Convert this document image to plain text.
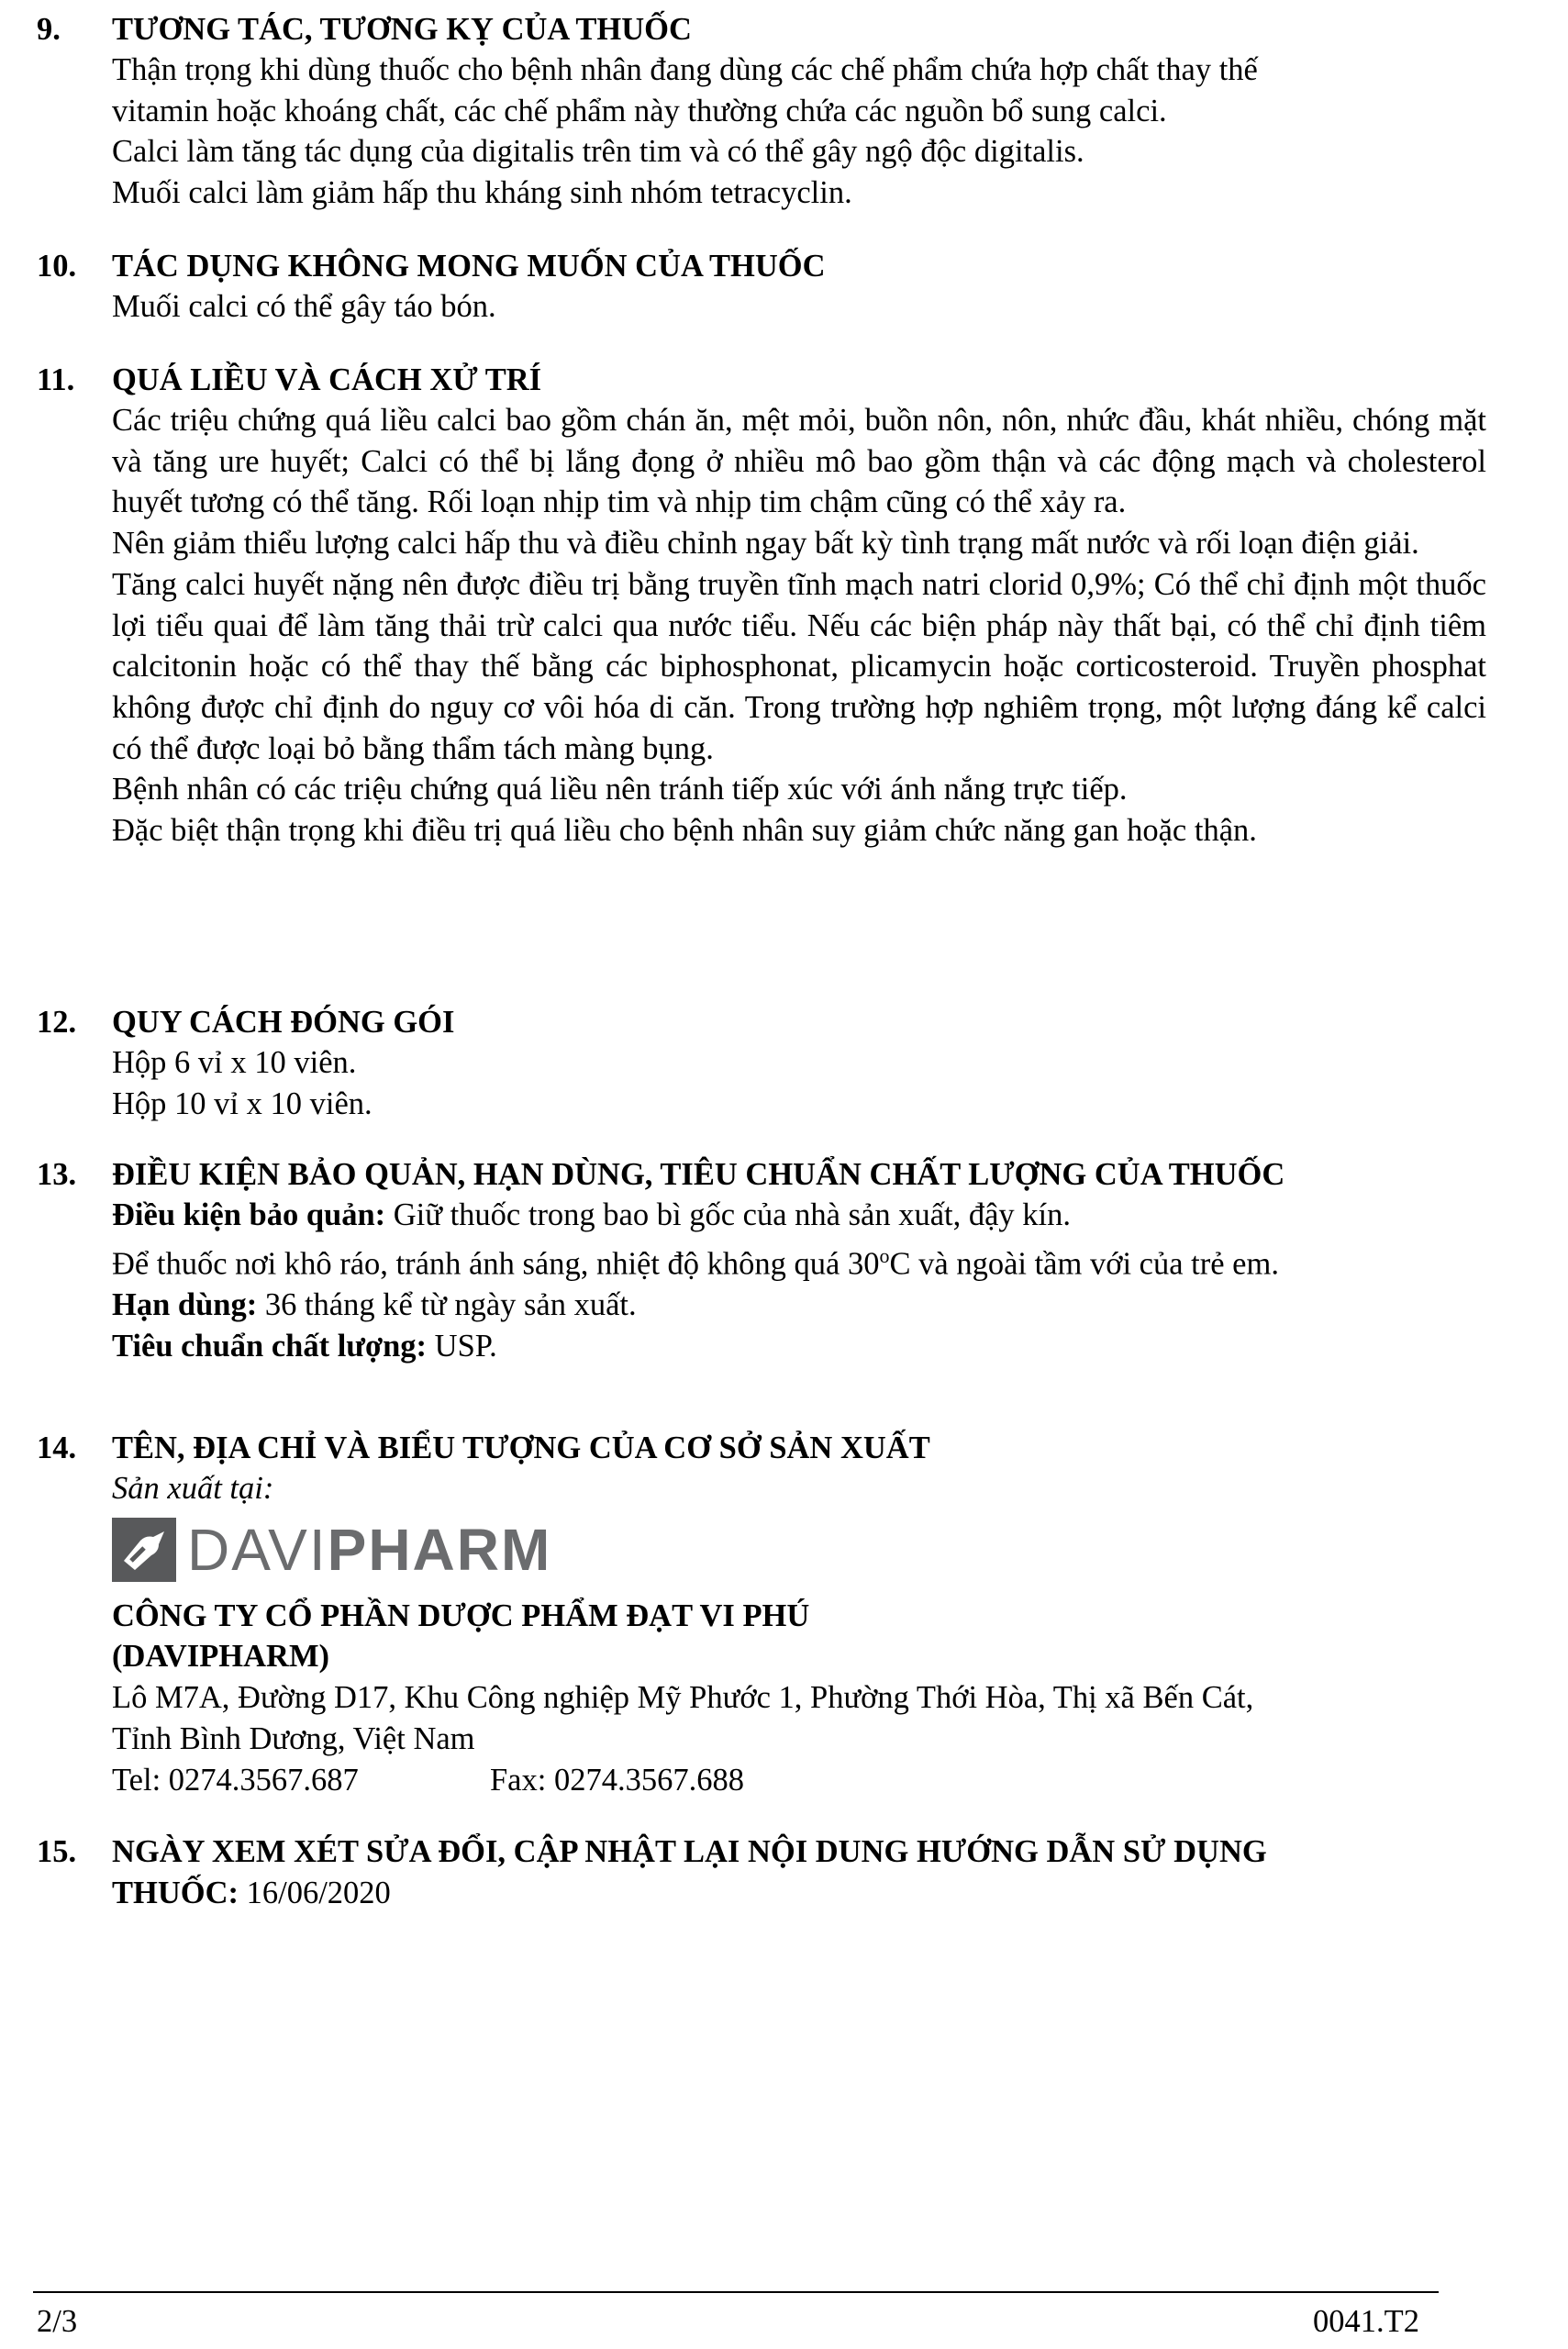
9. TƯƠNG TÁC, TƯƠNG KỴ CỦA THUỐC
Thận trọng khi dùng thuốc cho bệnh nhân đang dùng các chế phẩm chứa hợp chất thay thế
vitamin hoặc khoáng chất, các chế phẩm này thường chứa các nguồn bổ sung calci.
Calci làm tăng tác dụng của digitalis trên tim và có thể gây ngộ độc digitalis.
Muối calci làm giảm hấp thu kháng sinh nhóm tetracyclin.
10. TÁC DỤNG KHÔNG MONG MUỐN CỦA THUỐC
Muối calci có thể gây táo bón.
11. QUÁ LIỀU VÀ CÁCH XỬ TRÍ
Các triệu chứng quá liều calci bao gồm chán ăn, mệt mỏi, buồn nôn, nôn, nhức đầu, khát nhiều, chóng mặt và tăng ure huyết; Calci có thể bị lắng đọng ở nhiều mô bao gồm thận và các động mạch và cholesterol huyết tương có thể tăng. Rối loạn nhịp tim và nhịp tim chậm cũng có thể xảy ra.
Nên giảm thiểu lượng calci hấp thu và điều chỉnh ngay bất kỳ tình trạng mất nước và rối loạn điện giải.
Tăng calci huyết nặng nên được điều trị bằng truyền tĩnh mạch natri clorid 0,9%; Có thể chỉ định một thuốc lợi tiểu quai để làm tăng thải trừ calci qua nước tiểu. Nếu các biện pháp này thất bại, có thể chỉ định tiêm calcitonin hoặc có thể thay thế bằng các biphosphonat, plicamycin hoặc corticosteroid. Truyền phosphat không được chỉ định do nguy cơ vôi hóa di căn. Trong trường hợp nghiêm trọng, một lượng đáng kể calci có thể được loại bỏ bằng thẩm tách màng bụng.
Bệnh nhân có các triệu chứng quá liều nên tránh tiếp xúc với ánh nắng trực tiếp.
Đặc biệt thận trọng khi điều trị quá liều cho bệnh nhân suy giảm chức năng gan hoặc thận.
12. QUY CÁCH ĐÓNG GÓI
Hộp 6 vỉ x 10 viên.
Hộp 10 vỉ x 10 viên.
13. ĐIỀU KIỆN BẢO QUẢN, HẠN DÙNG, TIÊU CHUẨN CHẤT LƯỢNG CỦA THUỐC
Điều kiện bảo quản: Giữ thuốc trong bao bì gốc của nhà sản xuất, đậy kín.
Để thuốc nơi khô ráo, tránh ánh sáng, nhiệt độ không quá 30$^o$C và ngoài tầm với của trẻ em.
Hạn dùng: 36 tháng kể từ ngày sản xuất.
Tiêu chuẩn chất lượng: USP.
14. TÊN, ĐỊA CHỈ VÀ BIỂU TƯỢNG CỦA CƠ SỞ SẢN XUẤT
Sản xuất tại:
DAVIPHARM
CÔNG TY CỔ PHẦN DƯỢC PHẨM ĐẠT VI PHÚ
(DAVIPHARM)
Lô M7A, Đường D17, Khu Công nghiệp Mỹ Phước 1, Phường Thới Hòa, Thị xã Bến Cát,
Tỉnh Bình Dương, Việt Nam
Tel: 0274.3567.687	Fax: 0274.3567.688
15. NGÀY XEM XÉT SỬA ĐỔI, CẬP NHẬT LẠI NỘI DUNG HƯỚNG DẪN SỬ DỤNG
THUỐC: 16/06/2020
2/3	0041.T2
